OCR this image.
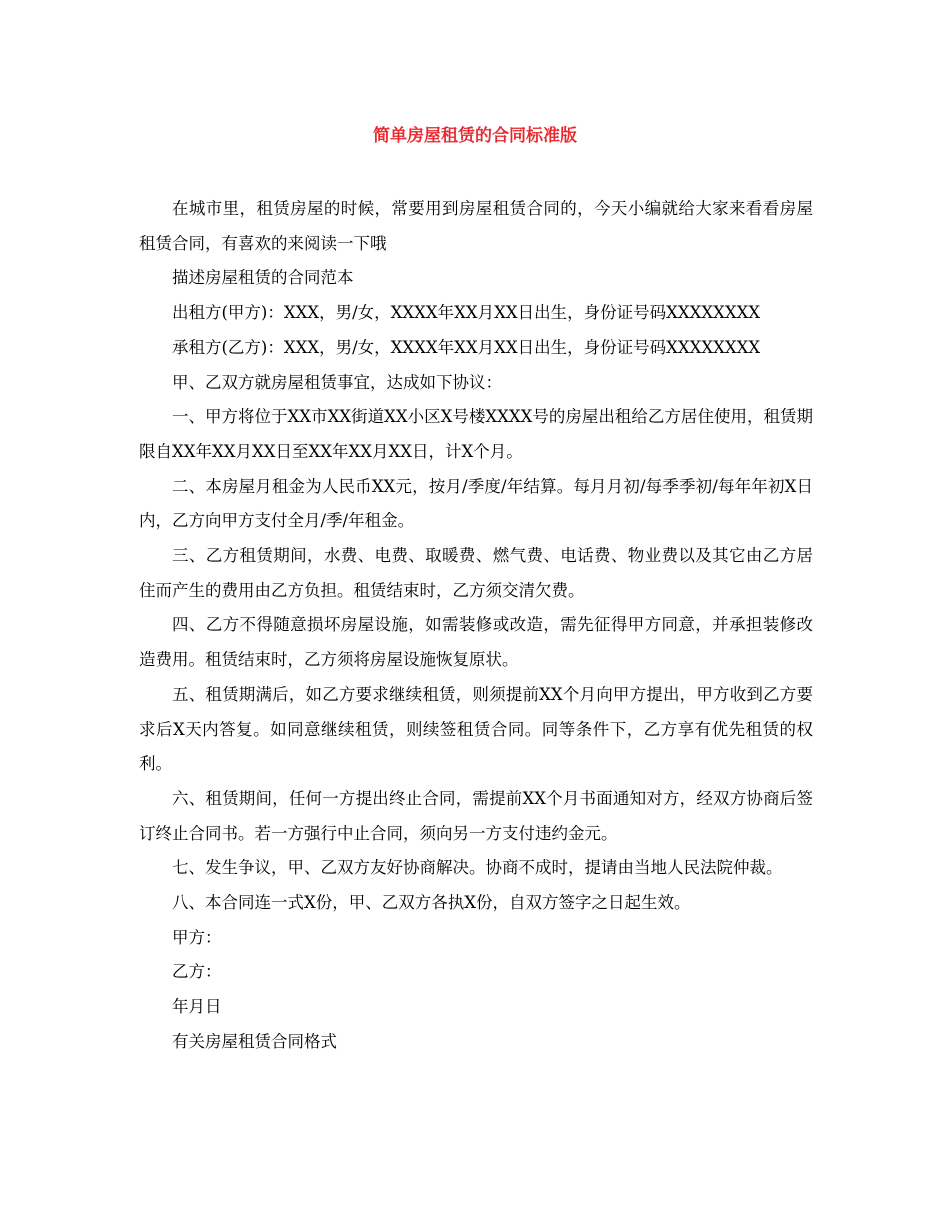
简单房屋租赁的合同标准版

在城市里，租赁房屋的时候，常要用到房屋租赁合同的，今天小编就给大家来看看房屋租赁合同，有喜欢的来阅读一下哦

描述房屋租赁的合同范本

出租方(甲方)：XXX，男/女，XXXX年XX月XX日出生，身份证号码XXXXXXXX

承租方(乙方)：XXX，男/女，XXXX年XX月XX日出生，身份证号码XXXXXXXX

甲、乙双方就房屋租赁事宜，达成如下协议：

一、甲方将位于XX市XX街道XX小区X号楼XXXX号的房屋出租给乙方居住使用，租赁期限自XX年XX月XX日至XX年XX月XX日，计X个月。

二、本房屋月租金为人民币XX元，按月/季度/年结算。每月月初/每季季初/每年年初X日内，乙方向甲方支付全月/季/年租金。

三、乙方租赁期间，水费、电费、取暖费、燃气费、电话费、物业费以及其它由乙方居住而产生的费用由乙方负担。租赁结束时，乙方须交清欠费。

四、乙方不得随意损坏房屋设施，如需装修或改造，需先征得甲方同意，并承担装修改造费用。租赁结束时，乙方须将房屋设施恢复原状。

五、租赁期满后，如乙方要求继续租赁，则须提前XX个月向甲方提出，甲方收到乙方要求后X天内答复。如同意继续租赁，则续签租赁合同。同等条件下，乙方享有优先租赁的权利。

六、租赁期间，任何一方提出终止合同，需提前XX个月书面通知对方，经双方协商后签订终止合同书。若一方强行中止合同，须向另一方支付违约金元。

七、发生争议，甲、乙双方友好协商解决。协商不成时，提请由当地人民法院仲裁。

八、本合同连一式X份，甲、乙双方各执X份，自双方签字之日起生效。

甲方：

乙方：

年月日

有关房屋租赁合同格式
